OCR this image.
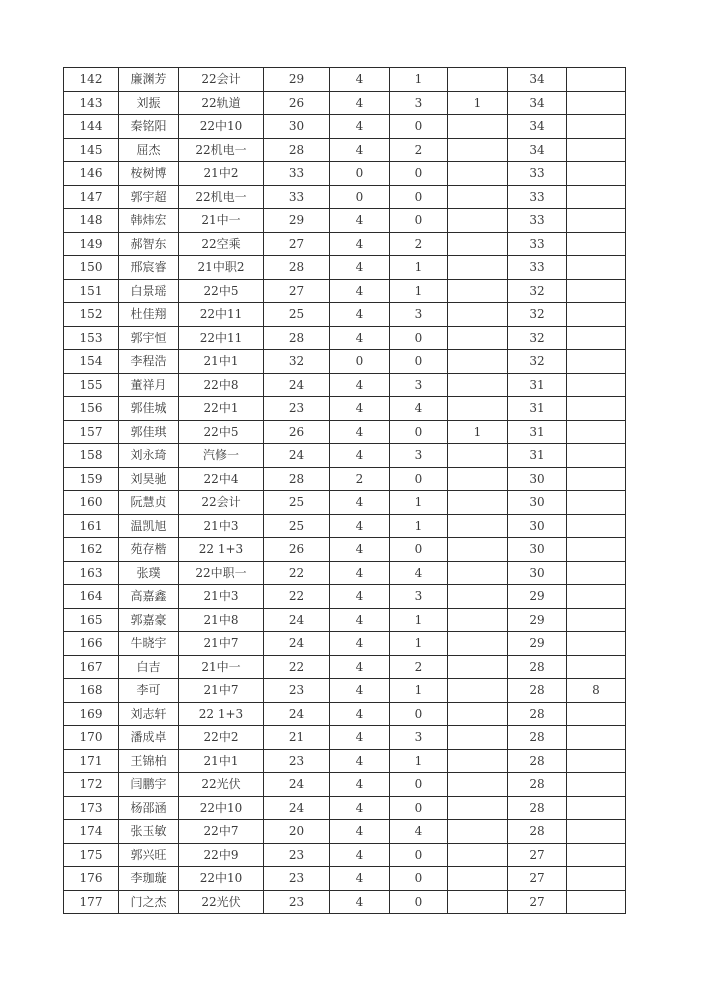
142	廉渊芳	22会计	29	4	1		34	
143	刘振	22轨道	26	4	3	1	34	
144	秦铭阳	22中10	30	4	0		34	
145	屈杰	22机电一	28	4	2		34	
146	桉树博	21中2	33	0	0		33	
147	郭宇超	22机电一	33	0	0		33	
148	韩炜宏	21中一	29	4	0		33	
149	郝智东	22空乘	27	4	2		33	
150	邢宸睿	21中职2	28	4	1		33	
151	白景瑶	22中5	27	4	1		32	
152	杜佳翔	22中11	25	4	3		32	
153	郭宇恒	22中11	28	4	0		32	
154	李程浩	21中1	32	0	0		32	
155	董祥月	22中8	24	4	3		31	
156	郭佳城	22中1	23	4	4		31	
157	郭佳琪	22中5	26	4	0	1	31	
158	刘永琦	汽修一	24	4	3		31	
159	刘昊驰	22中4	28	2	0		30	
160	阮慧贞	22会计	25	4	1		30	
161	温凯旭	21中3	25	4	1		30	
162	苑存楷	22 1+3	26	4	0		30	
163	张璞	22中职一	22	4	4		30	
164	高嘉鑫	21中3	22	4	3		29	
165	郭嘉豪	21中8	24	4	1		29	
166	牛晓宇	21中7	24	4	1		29	
167	白吉	21中一	22	4	2		28	
168	李可	21中7	23	4	1		28	8
169	刘志轩	22 1+3	24	4	0		28	
170	潘成卓	22中2	21	4	3		28	
171	王锦柏	21中1	23	4	1		28	
172	闫鹏宇	22光伏	24	4	0		28	
173	杨邵涵	22中10	24	4	0		28	
174	张玉敏	22中7	20	4	4		28	
175	郭兴旺	22中9	23	4	0		27	
176	李珈璇	22中10	23	4	0		27	
177	门之杰	22光伏	23	4	0		27	
